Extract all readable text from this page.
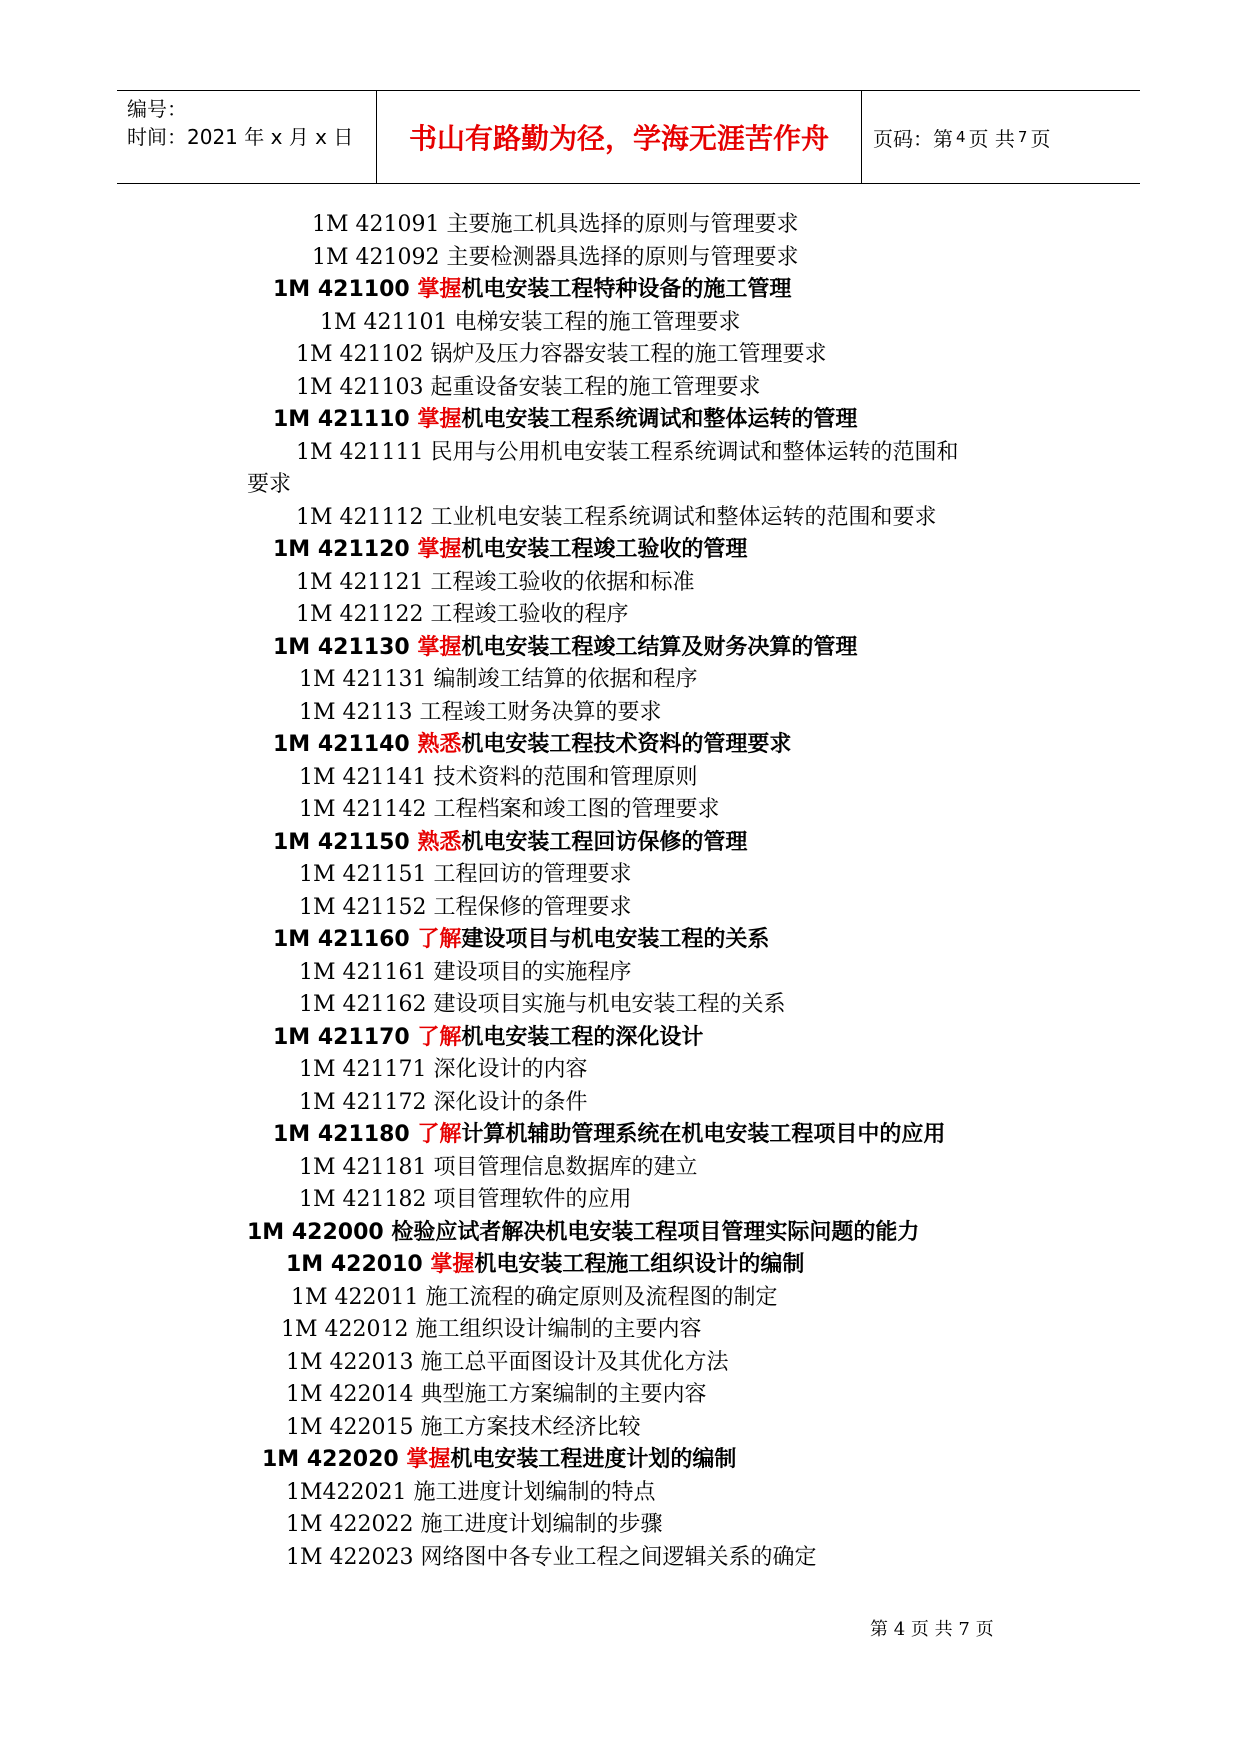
编号：
时间：2021 年 x 月 x 日	书山有路勤为径，学海无涯苦作舟	页码：第 4 页 共 7 页
1M 421091 主要施工机具选择的原则与管理要求
1M 421092 主要检测器具选择的原则与管理要求
1M 421100 掌握机电安装工程特种设备的施工管理
1M 421101 电梯安装工程的施工管理要求
1M 421102 锅炉及压力容器安装工程的施工管理要求
1M 421103 起重设备安装工程的施工管理要求
1M 421110 掌握机电安装工程系统调试和整体运转的管理
1M 421111 民用与公用机电安装工程系统调试和整体运转的范围和
要求
1M 421112 工业机电安装工程系统调试和整体运转的范围和要求
1M 421120 掌握机电安装工程竣工验收的管理
1M 421121 工程竣工验收的依据和标准
1M 421122 工程竣工验收的程序
1M 421130 掌握机电安装工程竣工结算及财务决算的管理
1M 421131 编制竣工结算的依据和程序
1M 42113 工程竣工财务决算的要求
1M 421140 熟悉机电安装工程技术资料的管理要求
1M 421141 技术资料的范围和管理原则
1M 421142 工程档案和竣工图的管理要求
1M 421150 熟悉机电安装工程回访保修的管理
1M 421151 工程回访的管理要求
1M 421152 工程保修的管理要求
1M 421160 了解建设项目与机电安装工程的关系
1M 421161 建设项目的实施程序
1M 421162 建设项目实施与机电安装工程的关系
1M 421170 了解机电安装工程的深化设计
1M 421171 深化设计的内容
1M 421172 深化设计的条件
1M 421180 了解计算机辅助管理系统在机电安装工程项目中的应用
1M 421181 项目管理信息数据库的建立
1M 421182 项目管理软件的应用
1M 422000 检验应试者解决机电安装工程项目管理实际问题的能力
1M 422010 掌握机电安装工程施工组织设计的编制
1M 422011 施工流程的确定原则及流程图的制定
1M 422012 施工组织设计编制的主要内容
1M 422013 施工总平面图设计及其优化方法
1M 422014 典型施工方案编制的主要内容
1M 422015 施工方案技术经济比较
1M 422020 掌握机电安装工程进度计划的编制
1M422021 施工进度计划编制的特点
1M 422022 施工进度计划编制的步骤
1M 422023 网络图中各专业工程之间逻辑关系的确定
第 4 页 共 7 页
